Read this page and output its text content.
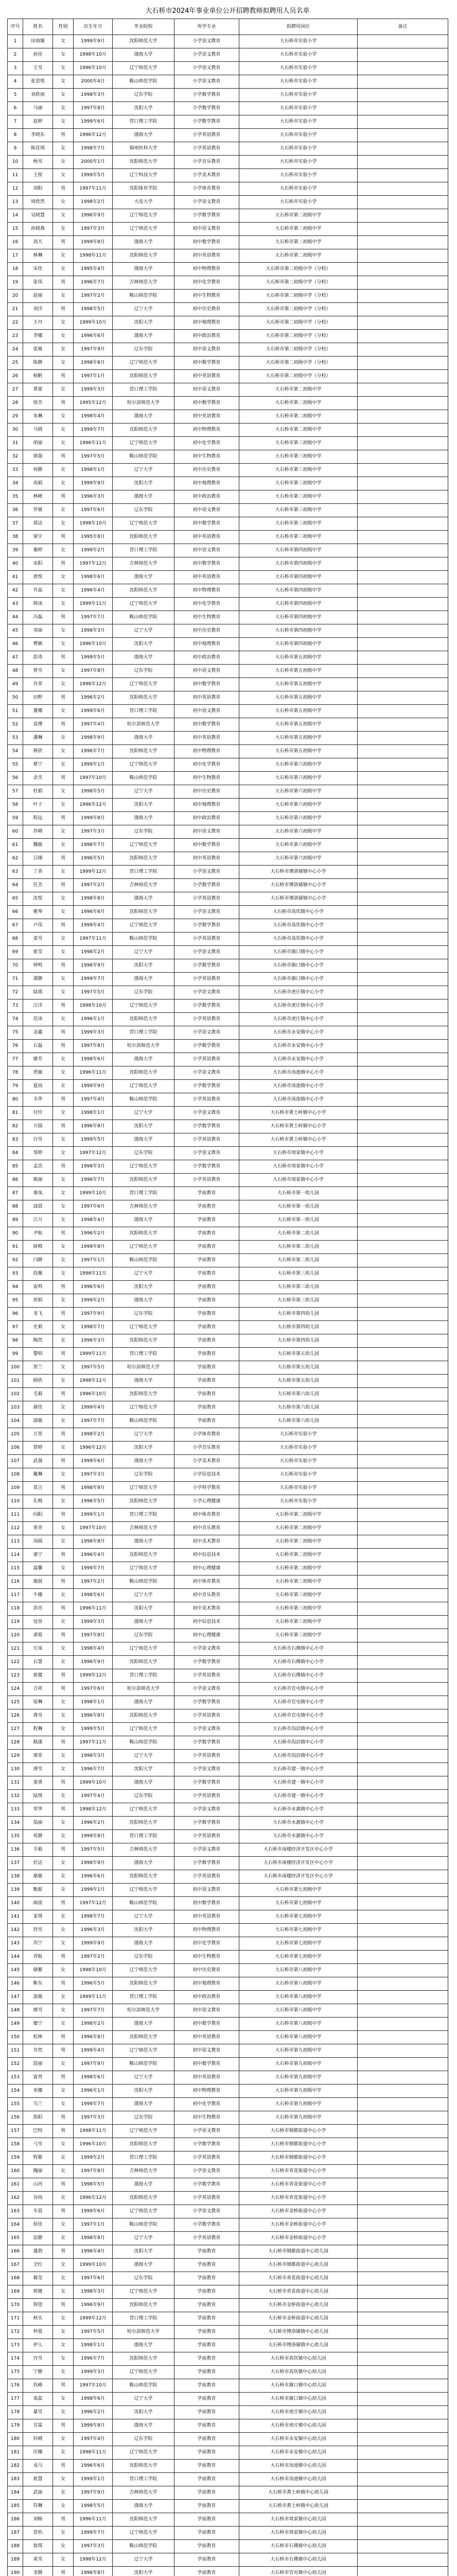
大石桥市2024年事业单位公开招聘教师拟聘用人员名单
序号	姓名	性别	出生年月	毕业院校	所学专业	拟聘用岗位	备注
1	田雨璇	女	1999年9月	沈阳师范大学	小学语文教育	大石桥市实验小学	
2	孙佳	女	1998年10月	渤海大学	小学语文教育	大石桥市实验小学	
3	王雪	女	1996年10月	辽宁师范大学	小学语文教育	大石桥市实验小学	
4	张思悦	女	2000年4月	鞍山师范学院	小学语文教育	大石桥市实验小学	
5	刘欣雨	女	1998年3月	辽东学院	小学数学教育	大石桥市实验小学	
6	马丽	女	1997年8月	沈阳大学	小学数学教育	大石桥市实验小学	
7	赵婷	女	1999年6月	营口理工学院	小学数学教育	大石桥市实验小学	
8	李晓东	男	1996年12月	渤海大学	小学英语教育	大石桥市实验小学	
9	陈佳琪	女	1998年7月	锦州医科大学	小学英语教育	大石桥市实验小学	
10	杨雪	女	2000年1月	沈阳师范大学	小学音乐教育	大石桥市实验小学	
11	王悦	女	1999年5月	辽宁科技大学	小学美术教育	大石桥市实验小学	
12	刘阳	男	1997年11月	沈阳体育学院	小学体育教育	大石桥市实验小学	
13	周欣然	女	1998年2月	大连大学	小学语文教育	大石桥市实验小学	
14	吴晓慧	女	1996年9月	辽宁师范大学	小学数学教育	大石桥市第二初级中学	
15	孙晓燕	女	1997年3月	辽宁师范大学	初中语文教育	大石桥市第二初级中学	
16	高天	男	1999年8月	渤海大学	初中数学教育	大石桥市第二初级中学	
17	林琳	女	1998年11月	沈阳师范大学	初中英语教育	大石桥市第二初级中学	
18	宋佳	女	1995年4月	渤海大学	初中物理教育	大石桥市第二初级中学（分校）	
19	张伟	男	1996年7月	吉林师范大学	初中化学教育	大石桥市第二初级中学（分校）	
20	赵丽	女	1997年2月	鞍山师范学院	初中生物教育	大石桥市第二初级中学（分校）	
21	刘洋	男	1998年5月	辽宁大学	初中历史教育	大石桥市第二初级中学（分校）	
22	王丹	女	1999年10月	沈阳大学	初中地理教育	大石桥市第二初级中学（分校）	
23	李娜	女	1996年6月	渤海大学	初中政治教育	大石桥市第二初级中学（分校）	
24	张敏	女	1997年9月	辽东学院	初中语文教育	大石桥市第二初级中学（分校）	
25	陈静	女	1998年8月	辽宁师范大学	初中数学教育	大石桥市第二初级中学（分校）	
26	杨帆	男	1997年1月	沈阳师范大学	初中英语教育	大石桥市第二初级中学（分校）	
27	黄蕾	女	1999年3月	营口理工学院	初中语文教育	大石桥市第二初级中学	
28	徐杰	男	1995年12月	哈尔滨师范大学	初中数学教育	大石桥市第二初级中学	
29	朱琳	女	1998年4月	渤海大学	初中英语教育	大石桥市第二初级中学	
30	马晓	女	1999年7月	沈阳师范大学	初中物理教育	大石桥市第二初级中学	
31	胡丽	女	1996年11月	辽宁师范大学	初中化学教育	大石桥市第三初级中学	
32	郭强	男	1997年5月	鞍山师范学院	初中生物教育	大石桥市第三初级中学	
33	何静	女	1998年1月	辽宁大学	初中历史教育	大石桥市第三初级中学	
34	高娟	女	1999年9月	沈阳大学	初中地理教育	大石桥市第三初级中学	
35	林峰	男	1996年3月	渤海大学	初中政治教育	大石桥市第三初级中学	
36	罗敏	女	1997年6月	辽东学院	初中语文教育	大石桥市第三初级中学	
37	郑洁	女	1998年10月	辽宁师范大学	初中数学教育	大石桥市第三初级中学	
38	梁宇	男	1995年8月	沈阳师范大学	初中英语教育	大石桥市第三初级中学	
39	谢婷	女	1999年2月	营口理工学院	初中语文教育	大石桥市第四初级中学	
40	宋阳	男	1997年12月	吉林师范大学	初中数学教育	大石桥市第四初级中学	
41	唐悦	女	1998年6月	渤海大学	初中英语教育	大石桥市第四初级中学	
42	许晶	女	1996年4月	沈阳师范大学	初中物理教育	大石桥市第四初级中学	
43	韩冰	女	1999年11月	辽宁师范大学	初中化学教育	大石桥市第四初级中学	
44	冯磊	男	1997年7月	鞍山师范学院	初中生物教育	大石桥市第四初级中学	
45	邓丽	女	1998年3月	辽宁大学	初中历史教育	大石桥市第四初级中学	
46	曹颖	女	1996年10月	沈阳大学	初中地理教育	大石桥市第四初级中学	
47	彭涛	男	1999年5月	渤海大学	初中政治教育	大石桥市第五初级中学	
48	曾雪	女	1997年8月	辽东学院	初中语文教育	大石桥市第五初级中学	
49	肖菲	女	1998年12月	辽宁师范大学	初中数学教育	大石桥市第五初级中学	
50	田野	男	1996年2月	沈阳师范大学	初中英语教育	大石桥市第五初级中学	
51	董娜	女	1999年6月	营口理工学院	初中语文教育	大石桥市第五初级中学	
52	袁博	男	1997年4月	哈尔滨师范大学	初中数学教育	大石桥市第五初级中学	
53	潘琳	女	1998年9月	渤海大学	初中英语教育	大石桥市第五初级中学	
54	蒋欣	女	1996年7月	沈阳师范大学	初中物理教育	大石桥市第五初级中学	
55	蔡宁	女	1999年1月	辽宁师范大学	初中化学教育	大石桥市第六初级中学	
56	余杰	男	1997年10月	鞍山师范学院	初中生物教育	大石桥市第六初级中学	
57	杜娟	女	1998年5月	辽宁大学	初中历史教育	大石桥市第六初级中学	
58	叶子	女	1996年12月	沈阳大学	初中地理教育	大石桥市第六初级中学	
59	程远	男	1999年8月	渤海大学	初中政治教育	大石桥市第六初级中学	
60	苏晴	女	1997年3月	辽东学院	初中语文教育	大石桥市第六初级中学	
61	魏敏	女	1998年7月	辽宁师范大学	初中数学教育	大石桥市第六初级中学	
62	吕刚	男	1996年5月	沈阳师范大学	初中英语教育	大石桥市第六初级中学	
63	丁香	女	1999年12月	营口理工学院	小学语文教育	大石桥市博洛铺镇中心小学	
64	任杰	男	1997年2月	吉林师范大学	小学数学教育	大石桥市博洛铺镇中心小学	
65	沈悦	女	1998年8月	渤海大学	小学英语教育	大石桥市博洛铺镇中心小学	
66	姚琴	女	1996年6月	沈阳师范大学	小学语文教育	大石桥市高坎镇中心小学	
67	卢伟	男	1999年4月	辽宁师范大学	小学数学教育	大石桥市高坎镇中心小学	
68	姜雪	女	1997年11月	鞍山师范学院	小学英语教育	大石桥市高坎镇中心小学	
69	崔莹	女	1998年2月	辽宁大学	小学语文教育	大石桥市旗口镇中心小学	
70	钟鸣	男	1996年9月	沈阳大学	小学数学教育	大石桥市旗口镇中心小学	
71	谭静	女	1999年7月	渤海大学	小学英语教育	大石桥市旗口镇中心小学	
72	陆瑶	女	1997年5月	辽东学院	小学语文教育	大石桥市虎庄镇中心小学	
73	汪洋	男	1998年10月	辽宁师范大学	小学数学教育	大石桥市虎庄镇中心小学	
74	范冰	女	1996年1月	沈阳师范大学	小学英语教育	大石桥市虎庄镇中心小学	
75	金鑫	男	1999年3月	营口理工学院	小学语文教育	大石桥市永安镇中心小学	
76	石磊	男	1997年8月	哈尔滨师范大学	小学数学教育	大石桥市永安镇中心小学	
77	廖芳	女	1998年6月	渤海大学	小学英语教育	大石桥市永安镇中心小学	
78	贾敏	女	1996年11月	沈阳师范大学	小学语文教育	大石桥市汤池镇中心小学	
79	夏雨	女	1999年9月	辽宁师范大学	小学数学教育	大石桥市汤池镇中心小学	
80	韦华	男	1997年4月	鞍山师范学院	小学英语教育	大石桥市汤池镇中心小学	
81	付玲	女	1998年1月	辽宁大学	小学语文教育	大石桥市黄土岭镇中心小学	
82	方圆	男	1996年8月	沈阳大学	小学数学教育	大石桥市黄土岭镇中心小学	
83	白雪	女	1999年5月	渤海大学	小学英语教育	大石桥市黄土岭镇中心小学	
84	邹婷	女	1997年12月	辽东学院	小学语文教育	大石桥市周家镇中心小学	
85	孟浩	男	1998年3月	辽宁师范大学	小学数学教育	大石桥市周家镇中心小学	
86	熊丽	女	1996年7月	沈阳师范大学	小学英语教育	大石桥市周家镇中心小学	
87	秦岚	女	1999年10月	营口理工学院	学前教育	大石桥市第一幼儿园	
88	邱晨	女	1997年6月	吉林师范大学	学前教育	大石桥市第一幼儿园	
89	江月	女	1998年4月	渤海大学	学前教育	大石桥市第一幼儿园	
90	尹航	男	1996年2月	沈阳师范大学	学前教育	大石桥市第二幼儿园	
91	薛梅	女	1999年8月	辽宁师范大学	学前教育	大石桥市第二幼儿园	
92	闫静	女	1997年1月	鞍山师范学院	学前教育	大石桥市第二幼儿园	
93	段薇	女	1998年11月	辽宁大学	学前教育	大石桥市第三幼儿园	
94	雷鸣	男	1996年6月	沈阳大学	学前教育	大石桥市第三幼儿园	
95	侯娟	女	1999年2月	渤海大学	学前教育	大石桥市第三幼儿园	
96	龙飞	男	1997年9月	辽东学院	学前教育	大石桥市第四幼儿园	
97	史莉	女	1998年7月	辽宁师范大学	学前教育	大石桥市第四幼儿园	
98	陶然	女	1996年3月	沈阳师范大学	学前教育	大石桥市第四幼儿园	
99	黎明	男	1999年11月	营口理工学院	学前教育	大石桥市第五幼儿园	
100	贺兰	女	1997年5月	哈尔滨师范大学	学前教育	大石桥市第五幼儿园	
101	顾欣	女	1998年12月	渤海大学	学前教育	大石桥市第五幼儿园	
102	毛毅	男	1996年10月	沈阳师范大学	学前教育	大石桥市第六幼儿园	
103	郝佳	女	1999年4月	辽宁师范大学	学前教育	大石桥市第六幼儿园	
104	邵敏	女	1997年7月	鞍山师范学院	学前教育	大石桥市第六幼儿园	
105	万里	男	1998年2月	辽宁大学	小学体育教育	大石桥市实验小学	
106	覃婷	女	1996年12月	沈阳大学	小学音乐教育	大石桥市实验小学	
107	武强	男	1999年6月	渤海大学	小学美术教育	大石桥市实验小学	
108	戴琳	女	1997年3月	辽东学院	小学信息技术	大石桥市实验小学	
109	莫言	男	1998年9月	辽宁师范大学	小学科学教育	大石桥市实验小学	
110	孔梅	女	1996年5月	沈阳师范大学	小学心理健康	大石桥市实验小学	
111	向阳	男	1999年1月	营口理工学院	初中体育教育	大石桥市第二初级中学	
112	常青	女	1997年10月	吉林师范大学	初中音乐教育	大石桥市第二初级中学	
113	汤圆	女	1998年8月	渤海大学	初中美术教育	大石桥市第二初级中学	
114	康宁	男	1996年4月	沈阳师范大学	初中信息技术	大石桥市第二初级中学	
115	温馨	女	1999年7月	辽宁师范大学	初中心理健康	大石桥市第二初级中学	
116	施展	男	1997年2月	鞍山师范学院	初中体育教育	大石桥市第三初级中学	
117	牛娜	女	1998年6月	辽宁大学	初中音乐教育	大石桥市第三初级中学	
118	洪亮	男	1996年11月	沈阳大学	初中美术教育	大石桥市第三初级中学	
119	包容	女	1999年3月	渤海大学	初中信息技术	大石桥市第三初级中学	
120	诸葛	男	1997年8月	辽东学院	初中心理健康	大石桥市第三初级中学	
121	左岚	女	1998年4月	辽宁师范大学	小学语文教育	大石桥市石佛镇中心小学	
122	石慧	女	1996年9月	沈阳师范大学	小学数学教育	大石桥市石佛镇中心小学	
123	崔健	男	1999年12月	营口理工学院	小学英语教育	大石桥市石佛镇中心小学	
124	吉祥	男	1997年6月	哈尔滨师范大学	小学语文教育	大石桥市官屯镇中心小学	
125	钮琳	女	1998年1月	渤海大学	小学数学教育	大石桥市官屯镇中心小学	
126	龚雪	女	1996年8月	沈阳师范大学	小学英语教育	大石桥市官屯镇中心小学	
127	程琳	女	1999年5月	辽宁师范大学	小学语文教育	大石桥市沟沿镇中心小学	
128	嵇康	男	1997年11月	鞍山师范学院	小学数学教育	大石桥市沟沿镇中心小学	
129	邢菲	女	1998年3月	辽宁大学	小学英语教育	大石桥市沟沿镇中心小学	
130	滑雪	女	1996年7月	沈阳大学	小学语文教育	大石桥市建一镇中心小学	
131	裴勇	男	1999年10月	渤海大学	小学数学教育	大石桥市建一镇中心小学	
132	陆琪	女	1997年4月	辽东学院	小学英语教育	大石桥市建一镇中心小学	
133	荣华	男	1998年12月	辽宁师范大学	小学语文教育	大石桥市水源镇中心小学	
134	翁丽	女	1996年2月	沈阳师范大学	小学数学教育	大石桥市水源镇中心小学	
135	荀静	女	1999年8月	营口理工学院	小学英语教育	大石桥市水源镇中心小学	
136	羊毅	男	1997年5月	吉林师范大学	小学语文教育	大石桥市南楼经济开发区中心小学	
137	於洁	女	1998年9月	渤海大学	小学数学教育	大石桥市南楼经济开发区中心小学	
138	惠敏	女	1996年6月	沈阳师范大学	小学英语教育	大石桥市南楼经济开发区中心小学	
139	甄妮	女	1999年1月	辽宁师范大学	初中语文教育	大石桥市第七初级中学	
140	曲波	男	1997年12月	鞍山师范学院	初中数学教育	大石桥市第七初级中学	
141	家琪	女	1998年7月	辽宁大学	初中英语教育	大石桥市第七初级中学	
142	封雪	女	1996年3月	沈阳大学	初中物理教育	大石桥市第七初级中学	
143	芮宁	女	1999年9月	渤海大学	初中化学教育	大石桥市第七初级中学	
144	羿航	男	1997年2月	辽东学院	初中生物教育	大石桥市第七初级中学	
145	储蓄	女	1998年10月	辽宁师范大学	初中历史教育	大石桥市第八初级中学	
146	靳东	男	1996年5月	沈阳师范大学	初中地理教育	大石桥市第八初级中学	
147	汲敏	女	1999年11月	营口理工学院	初中政治教育	大石桥市第八初级中学	
148	邴雪	女	1997年7月	哈尔滨师范大学	初中语文教育	大石桥市第八初级中学	
149	糜宁	女	1998年2月	渤海大学	初中数学教育	大石桥市第八初级中学	
150	松林	男	1996年8月	沈阳师范大学	初中英语教育	大石桥市第八初级中学	
151	井然	男	1999年4月	辽宁师范大学	初中语文教育	大石桥市第九初级中学	
152	段丽	女	1997年9月	鞍山师范学院	初中数学教育	大石桥市第九初级中学	
153	富贵	男	1998年6月	辽宁大学	初中英语教育	大石桥市第九初级中学	
154	巫娜	女	1996年1月	沈阳大学	初中物理教育	大石桥市第九初级中学	
155	乌兰	女	1999年7月	渤海大学	初中化学教育	大石桥市第九初级中学	
156	焦阳	男	1997年3月	辽东学院	初中生物教育	大石桥市第九初级中学	
157	巴特	男	1998年11月	辽宁师范大学	小学语文教育	大石桥市钢都街道中心小学	
158	弓雪	女	1996年10月	沈阳师范大学	小学数学教育	大石桥市钢都街道中心小学	
159	牧歌	女	1999年2月	营口理工学院	小学英语教育	大石桥市钢都街道中心小学	
160	隗丽	女	1997年8月	吉林师范大学	小学语文教育	大石桥市青花街道中心小学	
161	山河	男	1998年5月	渤海大学	小学数学教育	大石桥市青花街道中心小学	
162	谷雨	女	1996年12月	沈阳师范大学	小学英语教育	大石桥市青花街道中心小学	
163	车晨	男	1999年6月	辽宁师范大学	小学语文教育	大石桥市金桥街道中心小学	
164	侯佳	女	1997年1月	鞍山师范学院	小学数学教育	大石桥市金桥街道中心小学	
165	宓静	女	1998年8月	辽宁大学	小学英语教育	大石桥市金桥街道中心小学	
166	蓬勃	男	1996年4月	沈阳大学	学前教育	大石桥市钢都街道中心幼儿园	
167	全红	女	1999年10月	渤海大学	学前教育	大石桥市钢都街道中心幼儿园	
168	郗莹	女	1997年6月	辽东学院	学前教育	大石桥市青花街道中心幼儿园	
169	班婕	女	1998年3月	辽宁师范大学	学前教育	大石桥市青花街道中心幼儿园	
170	仰望	男	1996年9月	沈阳师范大学	学前教育	大石桥市金桥街道中心幼儿园	
171	秋实	女	1999年12月	营口理工学院	学前教育	大石桥市金桥街道中心幼儿园	
172	仲夏	女	1997年5月	哈尔滨师范大学	学前教育	大石桥市博洛铺镇中心幼儿园	
173	伊人	女	1998年1月	渤海大学	学前教育	大石桥市博洛铺镇中心幼儿园	
174	宫雪	女	1996年7月	沈阳师范大学	学前教育	大石桥市高坎镇中心幼儿园	
175	宁静	女	1999年3月	辽宁师范大学	学前教育	大石桥市高坎镇中心幼儿园	
176	仇峰	男	1997年10月	鞍山师范学院	学前教育	大石桥市旗口镇中心幼儿园	
177	栾蕊	女	1998年6月	辽宁大学	学前教育	大石桥市旗口镇中心幼儿园	
178	暴雪	女	1996年2月	沈阳大学	学前教育	大石桥市虎庄镇中心幼儿园	
179	甘霖	男	1999年8月	渤海大学	学前教育	大石桥市虎庄镇中心幼儿园	
180	钭晴	女	1997年4月	辽东学院	学前教育	大石桥市永安镇中心幼儿园	
181	厉娜	女	1998年11月	辽宁师范大学	学前教育	大石桥市永安镇中心幼儿园	
182	戎马	男	1996年6月	沈阳师范大学	学前教育	大石桥市汤池镇中心幼儿园	
183	祖慧	女	1999年1月	营口理工学院	学前教育	大石桥市汤池镇中心幼儿园	
184	武丽	女	1997年9月	吉林师范大学	学前教育	大石桥市黄土岭镇中心幼儿园	
185	符琳	女	1998年5月	渤海大学	学前教育	大石桥市黄土岭镇中心幼儿园	
186	刘畅	男	1996年11月	沈阳师范大学	学前教育	大石桥市周家镇中心幼儿园	
187	景怡	女	1999年7月	辽宁师范大学	学前教育	大石桥市周家镇中心幼儿园	
188	詹琪	女	1997年3月	鞍山师范学院	学前教育	大石桥市石佛镇中心幼儿园	
189	束雪	女	1998年12月	辽宁大学	学前教育	大石桥市石佛镇中心幼儿园	
190	龙腾	男	1996年8月	沈阳大学	学前教育	大石桥市官屯镇中心幼儿园	
